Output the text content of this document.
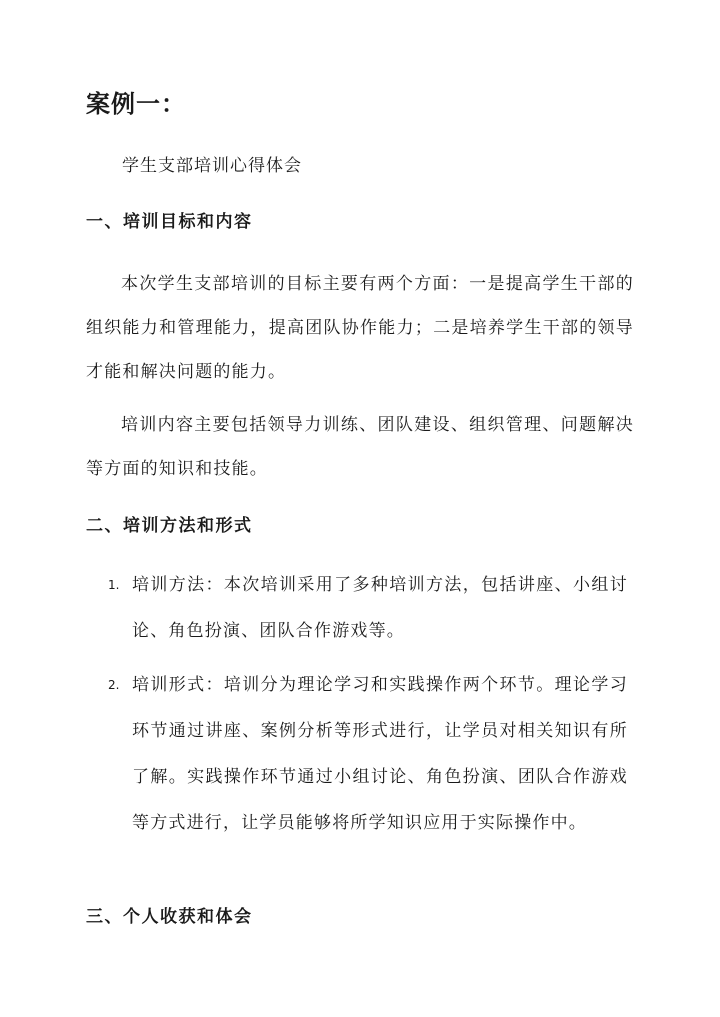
案例一：
学生支部培训心得体会
一、培训目标和内容

本次学生支部培训的目标主要有两个方面：一是提高学生干部的组织能力和管理能力，提高团队协作能力；二是培养学生干部的领导才能和解决问题的能力。

培训内容主要包括领导力训练、团队建设、组织管理、问题解决等方面的知识和技能。

二、培训方法和形式
1. 培训方法：本次培训采用了多种培训方法，包括讲座、小组讨论、角色扮演、团队合作游戏等。
2. 培训形式：培训分为理论学习和实践操作两个环节。理论学习环节通过讲座、案例分析等形式进行，让学员对相关知识有所了解。实践操作环节通过小组讨论、角色扮演、团队合作游戏等方式进行，让学员能够将所学知识应用于实际操作中。
三、个人收获和体会
